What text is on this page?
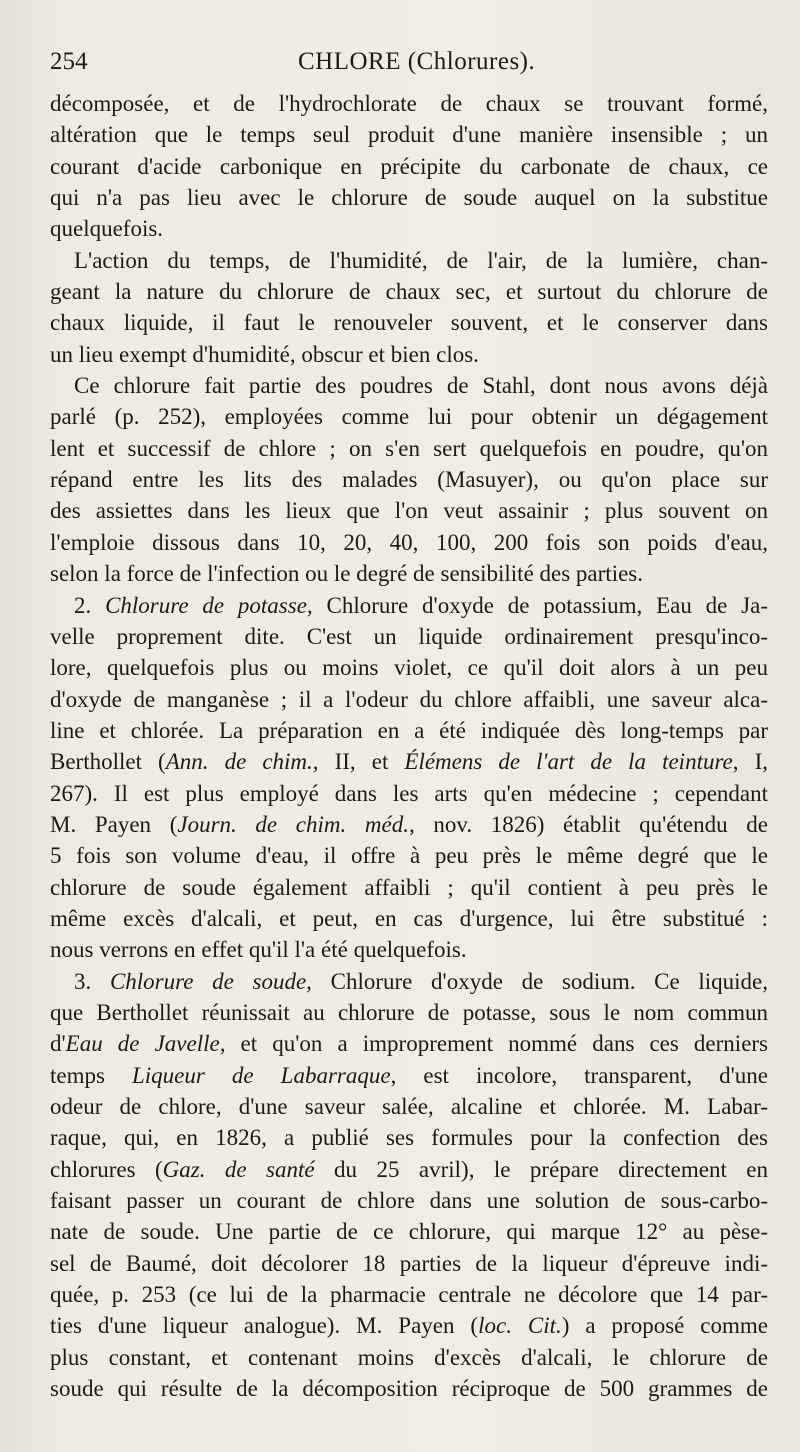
254	CHLORE (Chlorures).
décomposée, et de l'hydrochlorate de chaux se trouvant formé,
altération que le temps seul produit d'une manière insensible ; un
courant d'acide carbonique en précipite du carbonate de chaux, ce
qui n'a pas lieu avec le chlorure de soude auquel on la substitue
quelquefois.
L'action du temps, de l'humidité, de l'air, de la lumière, chan-
geant la nature du chlorure de chaux sec, et surtout du chlorure de
chaux liquide, il faut le renouveler souvent, et le conserver dans
un lieu exempt d'humidité, obscur et bien clos.
Ce chlorure fait partie des poudres de Stahl, dont nous avons déjà
parlé (p. 252), employées comme lui pour obtenir un dégagement
lent et successif de chlore ; on s'en sert quelquefois en poudre, qu'on
répand entre les lits des malades (Masuyer), ou qu'on place sur
des assiettes dans les lieux que l'on veut assainir ; plus souvent on
l'emploie dissous dans 10, 20, 40, 100, 200 fois son poids d'eau,
selon la force de l'infection ou le degré de sensibilité des parties.
2. Chlorure de potasse, Chlorure d'oxyde de potassium, Eau de Ja-
velle proprement dite. C'est un liquide ordinairement presqu'inco-
lore, quelquefois plus ou moins violet, ce qu'il doit alors à un peu
d'oxyde de manganèse ; il a l'odeur du chlore affaibli, une saveur alca-
line et chlorée. La préparation en a été indiquée dès long-temps par
Berthollet (Ann. de chim., II, et Élémens de l'art de la teinture, I,
267). Il est plus employé dans les arts qu'en médecine ; cependant
M. Payen (Journ. de chim. méd., nov. 1826) établit qu'étendu de
5 fois son volume d'eau, il offre à peu près le même degré que le
chlorure de soude également affaibli ; qu'il contient à peu près le
même excès d'alcali, et peut, en cas d'urgence, lui être substitué :
nous verrons en effet qu'il l'a été quelquefois.
3. Chlorure de soude, Chlorure d'oxyde de sodium. Ce liquide,
que Berthollet réunissait au chlorure de potasse, sous le nom commun
d'Eau de Javelle, et qu'on a improprement nommé dans ces derniers
temps Liqueur de Labarraque, est incolore, transparent, d'une
odeur de chlore, d'une saveur salée, alcaline et chlorée. M. Labar-
raque, qui, en 1826, a publié ses formules pour la confection des
chlorures (Gaz. de santé du 25 avril), le prépare directement en
faisant passer un courant de chlore dans une solution de sous-carbo-
nate de soude. Une partie de ce chlorure, qui marque 12° au pèse-
sel de Baumé, doit décolorer 18 parties de la liqueur d'épreuve indi-
quée, p. 253 (ce lui de la pharmacie centrale ne décolore que 14 par-
ties d'une liqueur analogue). M. Payen (loc. Cit.) a proposé comme
plus constant, et contenant moins d'excès d'alcali, le chlorure de
soude qui résulte de la décomposition réciproque de 500 grammes de
